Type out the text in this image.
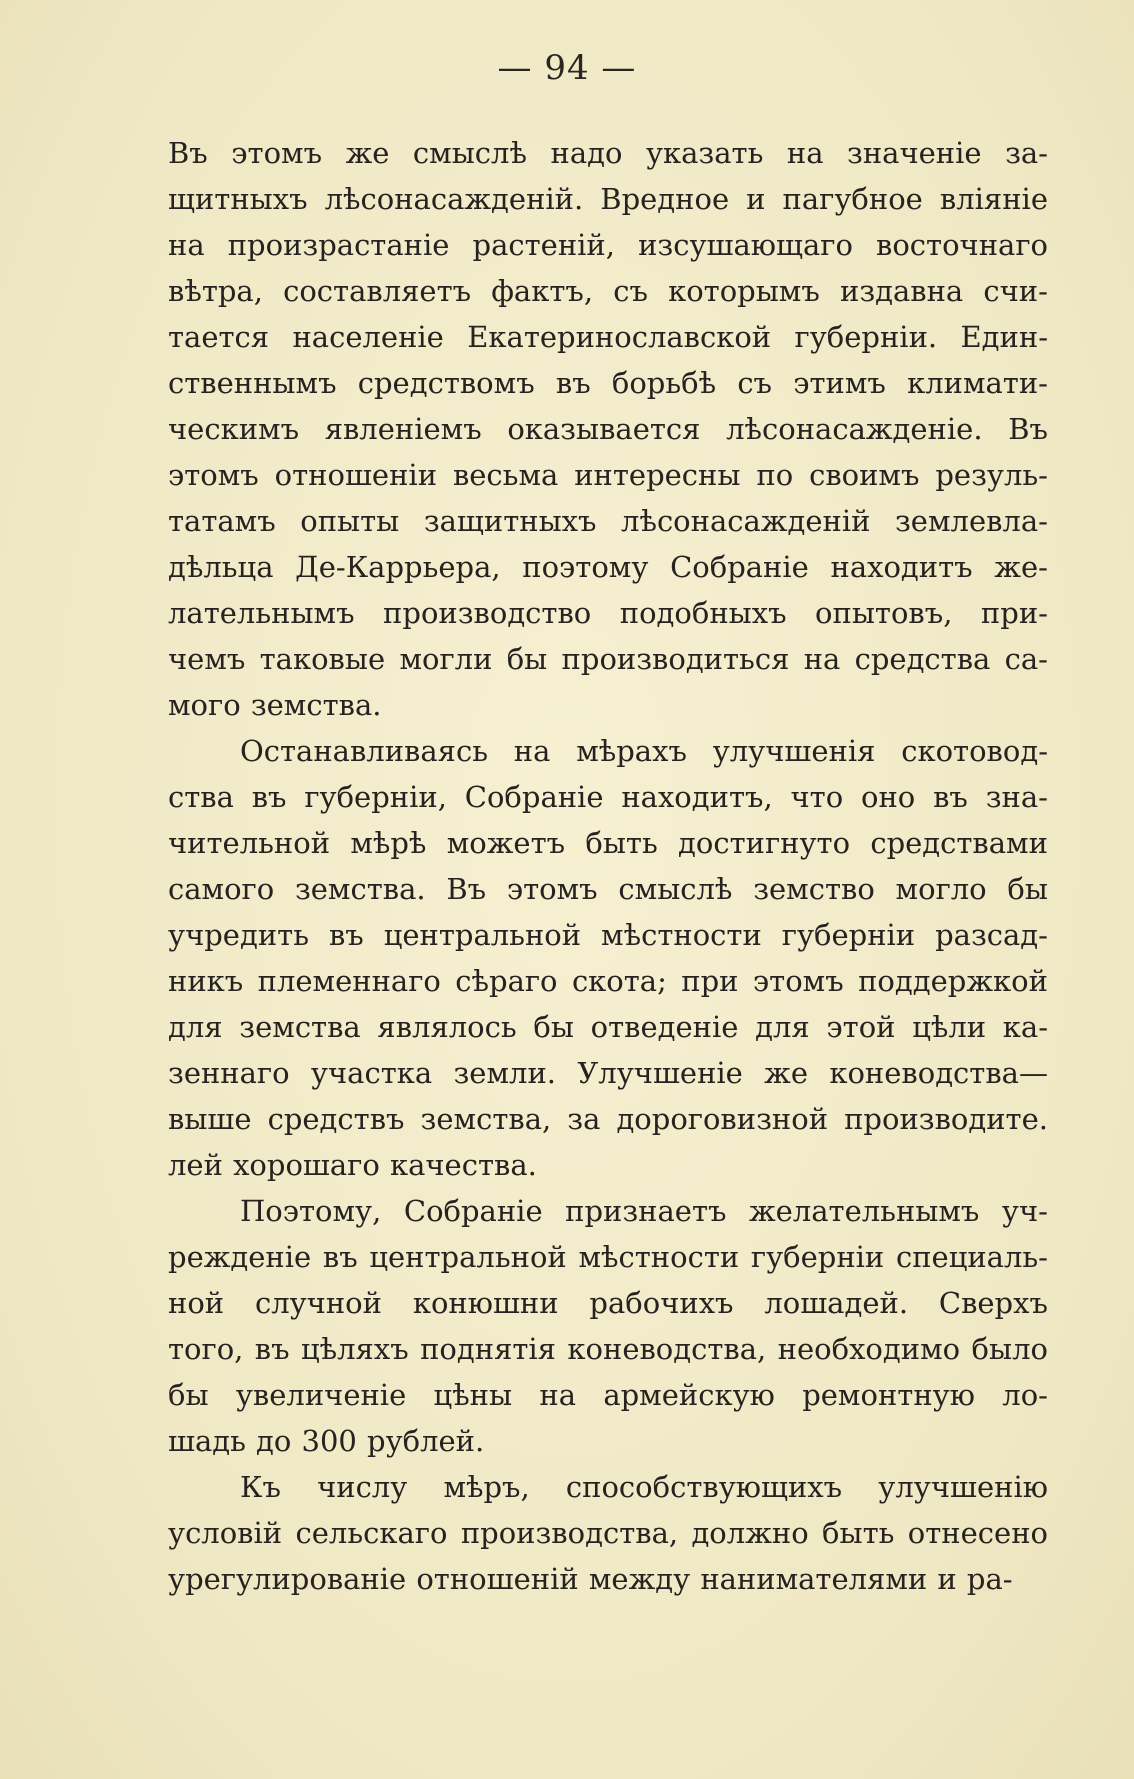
— 94 —
Въ этомъ же смыслѣ надо указать на значеніе за-
щитныхъ лѣсонасажденій. Вредное и пагубное вліяніе
на произрастаніе растеній, изсушающаго восточнаго
вѣтра, составляетъ фактъ, съ которымъ издавна счи-
тается населеніе Екатеринославской губерніи. Един-
ственнымъ средствомъ въ борьбѣ съ этимъ климати-
ческимъ явленіемъ оказывается лѣсонасажденіе. Въ
этомъ отношеніи весьма интересны по своимъ резуль-
татамъ опыты защитныхъ лѣсонасажденій землевла-
дѣльца Де-Каррьера, поэтому Собраніе находитъ же-
лательнымъ производство подобныхъ опытовъ, при-
чемъ таковые могли бы производиться на средства са-
мого земства.
Останавливаясь на мѣрахъ улучшенія скотовод-
ства въ губерніи, Собраніе находитъ, что оно въ зна-
чительной мѣрѣ можетъ быть достигнуто средствами
самого земства. Въ этомъ смыслѣ земство могло бы
учредить въ центральной мѣстности губерніи разсад-
никъ племеннаго сѣраго скота; при этомъ поддержкой
для земства являлось бы отведеніе для этой цѣли ка-
зеннаго участка земли. Улучшеніе же коневодства—
выше средствъ земства, за дороговизной производите.
лей хорошаго качества.
Поэтому, Собраніе признаетъ желательнымъ уч-
режденіе въ центральной мѣстности губерніи специаль-
ной случной конюшни рабочихъ лошадей. Сверхъ
того, въ цѣляхъ поднятія коневодства, необходимо было
бы увеличеніе цѣны на армейскую ремонтную ло-
шадь до 300 рублей.
Къ числу мѣръ, способствующихъ улучшенію
условій сельскаго производства, должно быть отнесено
урегулированіе отношеній между нанимателями и ра-
